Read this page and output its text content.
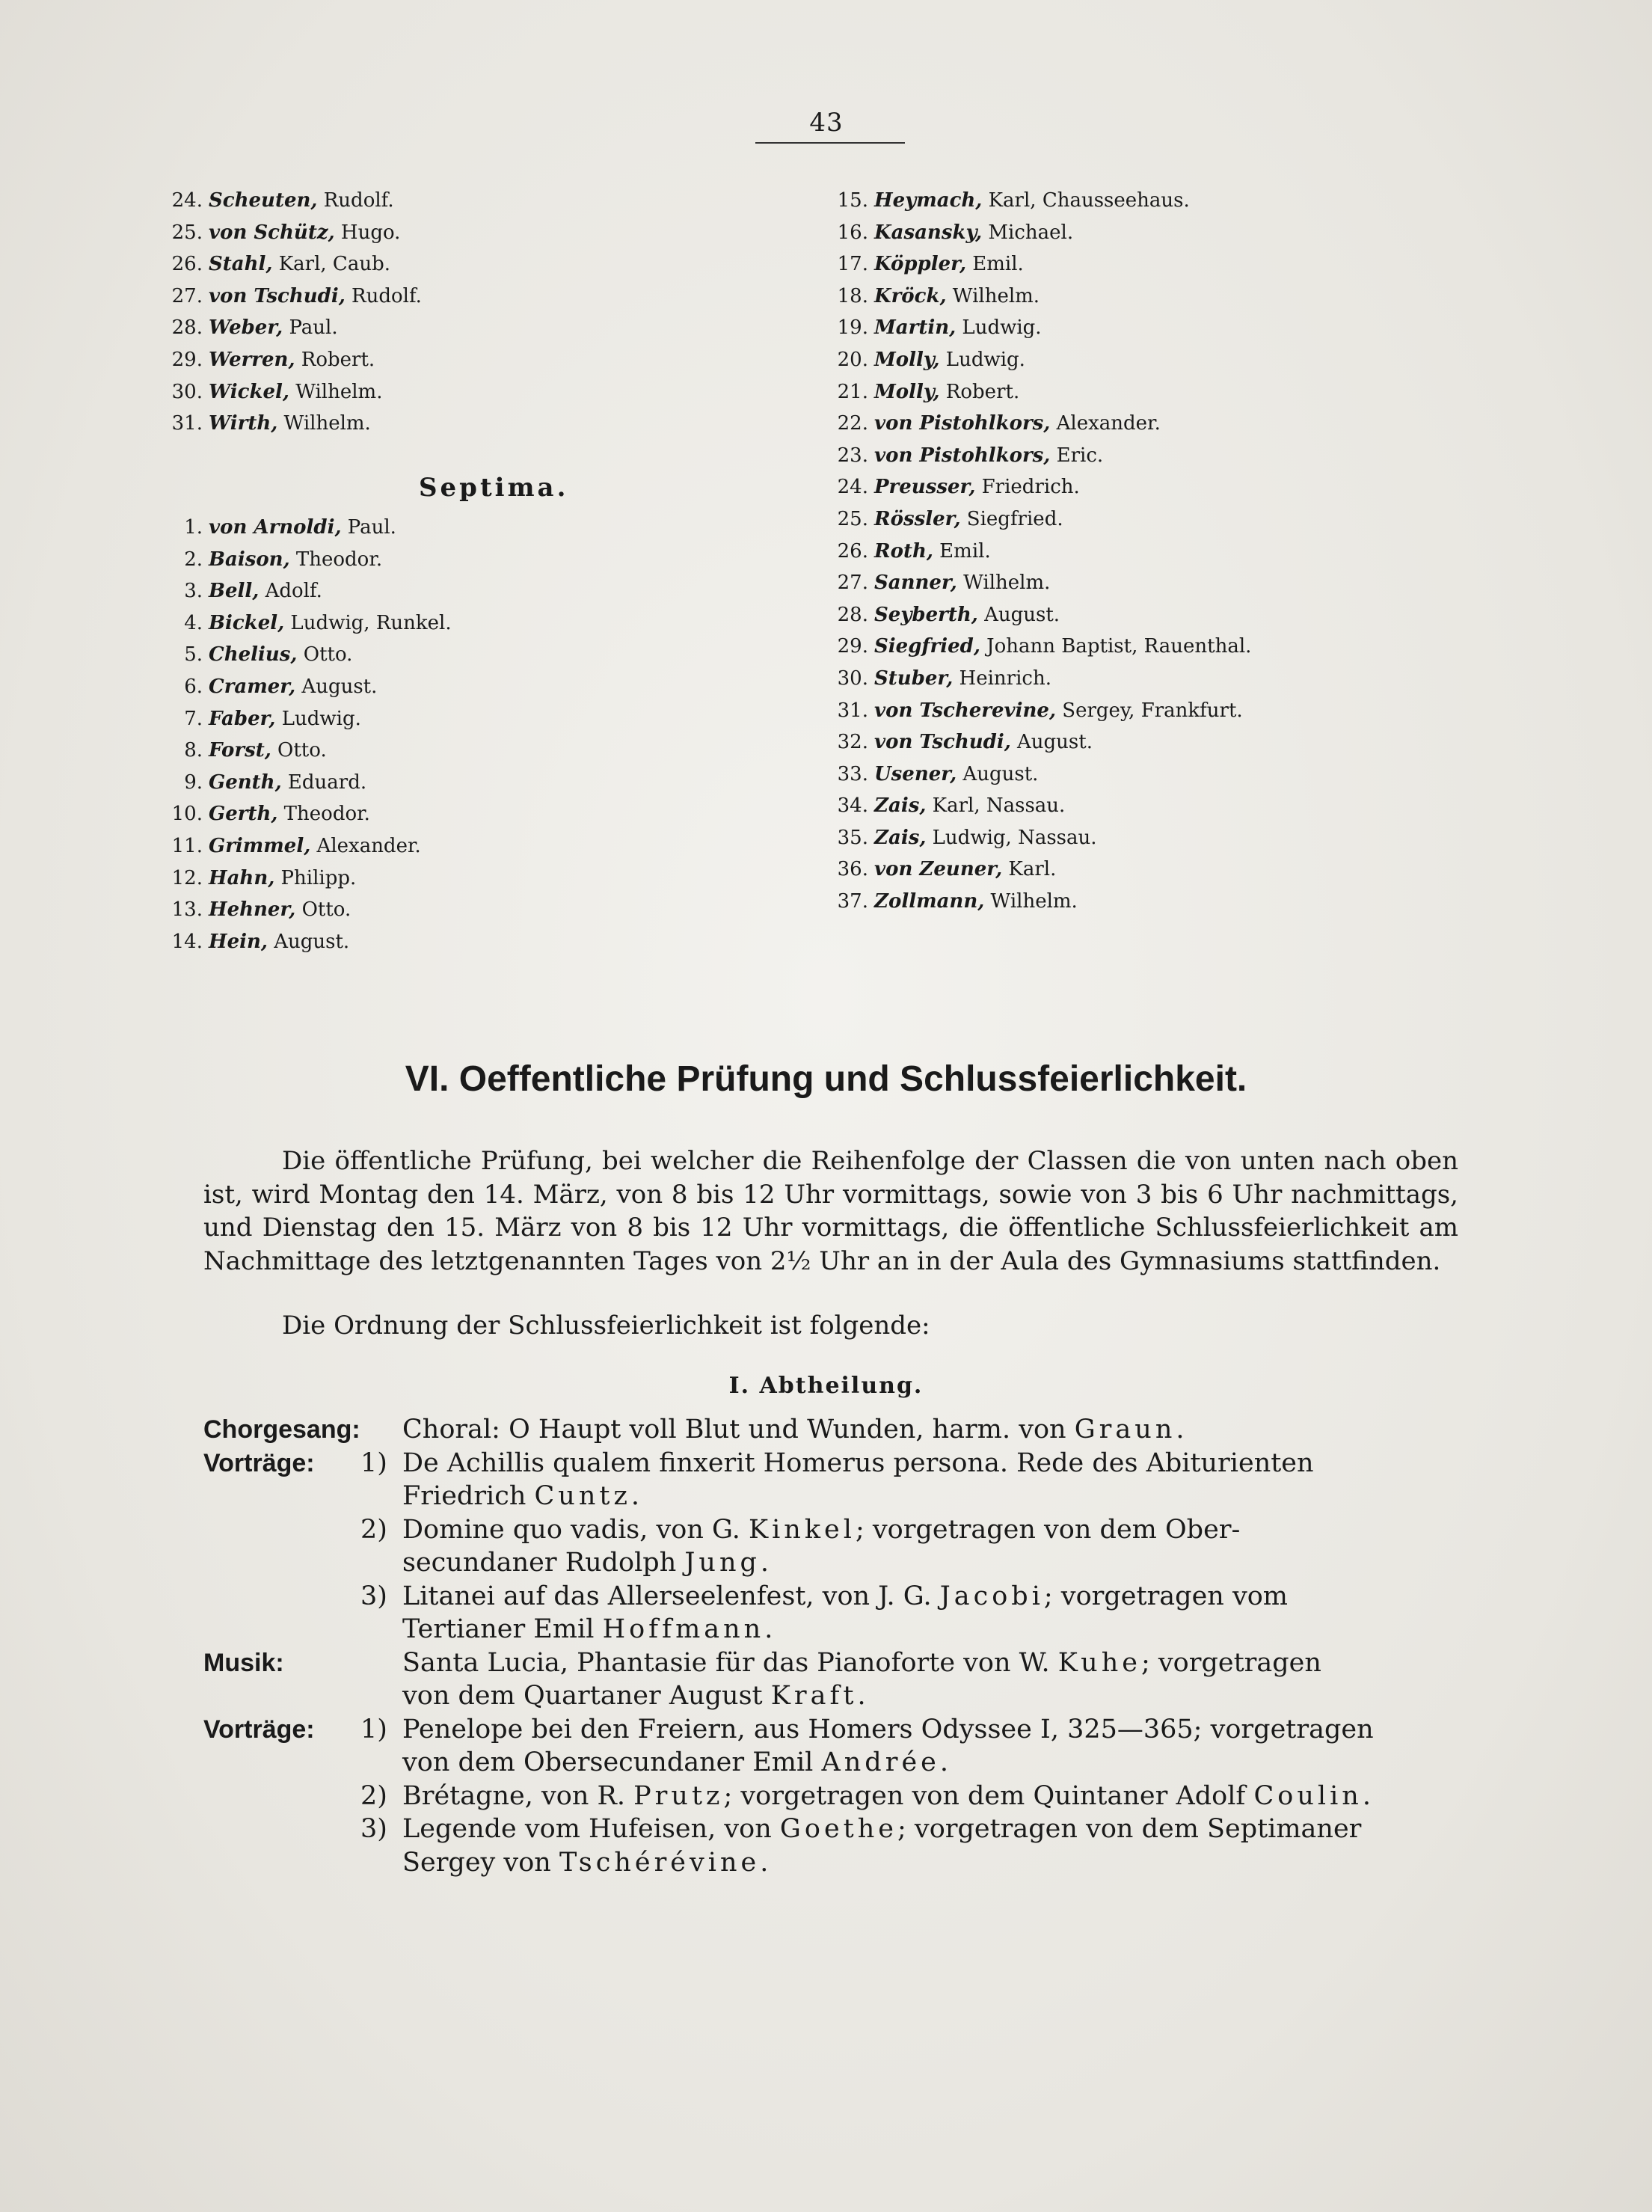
43
24. Scheuten, Rudolf.
25. von Schütz, Hugo.
26. Stahl, Karl, Caub.
27. von Tschudi, Rudolf.
28. Weber, Paul.
29. Werren, Robert.
30. Wickel, Wilhelm.
31. Wirth, Wilhelm.
Septima.
1. von Arnoldi, Paul.
2. Baison, Theodor.
3. Bell, Adolf.
4. Bickel, Ludwig, Runkel.
5. Chelius, Otto.
6. Cramer, August.
7. Faber, Ludwig.
8. Forst, Otto.
9. Genth, Eduard.
10. Gerth, Theodor.
11. Grimmel, Alexander.
12. Hahn, Philipp.
13. Hehner, Otto.
14. Hein, August.
15. Heymach, Karl, Chausseehaus.
16. Kasansky, Michael.
17. Köppler, Emil.
18. Kröck, Wilhelm.
19. Martin, Ludwig.
20. Molly, Ludwig.
21. Molly, Robert.
22. von Pistohlkors, Alexander.
23. von Pistohlkors, Eric.
24. Preusser, Friedrich.
25. Rössler, Siegfried.
26. Roth, Emil.
27. Sanner, Wilhelm.
28. Seyberth, August.
29. Siegfried, Johann Baptist, Rauenthal.
30. Stuber, Heinrich.
31. von Tscherevine, Sergey, Frankfurt.
32. von Tschudi, August.
33. Usener, August.
34. Zais, Karl, Nassau.
35. Zais, Ludwig, Nassau.
36. von Zeuner, Karl.
37. Zollmann, Wilhelm.
VI. Oeffentliche Prüfung und Schlussfeierlichkeit.
Die öffentliche Prüfung, bei welcher die Reihenfolge der Classen die von unten nach oben ist, wird Montag den 14. März, von 8 bis 12 Uhr vormittags, sowie von 3 bis 6 Uhr nachmittags, und Dienstag den 15. März von 8 bis 12 Uhr vormittags, die öffentliche Schlussfeierlichkeit am Nachmittage des letztgenannten Tages von 2½ Uhr an in der Aula des Gymnasiums stattfinden.
Die Ordnung der Schlussfeierlichkeit ist folgende:
I. Abtheilung.
Chorgesang: Choral: O Haupt voll Blut und Wunden, harm. von Graun.
Vorträge: 1) De Achillis qualem finxerit Homerus persona. Rede des Abiturienten
Friedrich Cuntz.
2) Domine quo vadis, von G. Kinkel; vorgetragen von dem Ober-
secundaner Rudolph Jung.
3) Litanei auf das Allerseelenfest, von J. G. Jacobi; vorgetragen vom
Tertianer Emil Hoffmann.
Musik:	Santa Lucia, Phantasie für das Pianoforte von W. Kuhe; vorgetragen
von dem Quartaner August Kraft.
Vorträge: 1) Penelope bei den Freiern, aus Homers Odyssee I, 325—365; vorgetragen
von dem Obersecundaner Emil Andrée.
2) Brétagne, von R. Prutz; vorgetragen von dem Quintaner Adolf Coulin.
3) Legende vom Hufeisen, von Goethe; vorgetragen von dem Septimaner
Sergey von Tschérévine.
